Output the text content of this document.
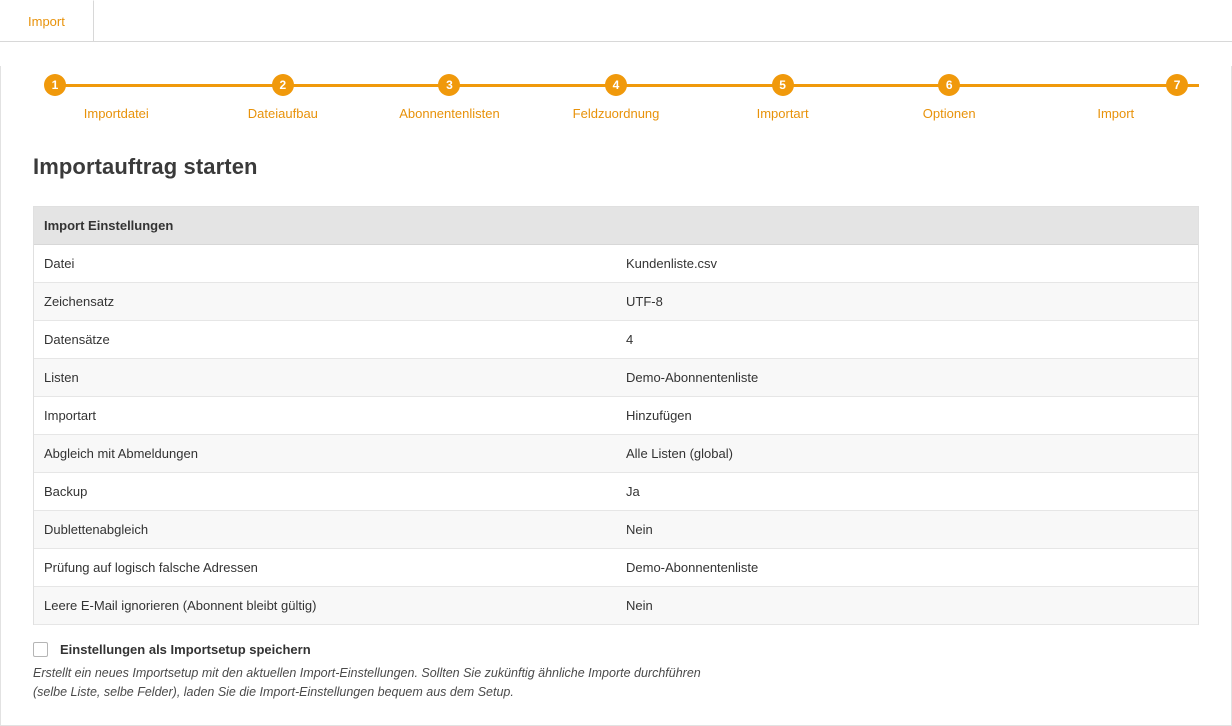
Import
1
Importdatei
2
Dateiaufbau
3
Abonnentenlisten
4
Feldzuordnung
5
Importart
6
Optionen
7
Import
Importauftrag starten
Import Einstellungen	
Datei	Kundenliste.csv
Zeichensatz	UTF-8
Datensätze	4
Listen	Demo-Abonnentenliste
Importart	Hinzufügen
Abgleich mit Abmeldungen	Alle Listen (global)
Backup	Ja
Dublettenabgleich	Nein
Prüfung auf logisch falsche Adressen	Demo-Abonnentenliste
Leere E-Mail ignorieren (Abonnent bleibt gültig)	Nein
Einstellungen als Importsetup speichern
Erstellt ein neues Importsetup mit den aktuellen Import-Einstellungen. Sollten Sie zukünftig ähnliche Importe durchführen (selbe Liste, selbe Felder), laden Sie die Import-Einstellungen bequem aus dem Setup.
